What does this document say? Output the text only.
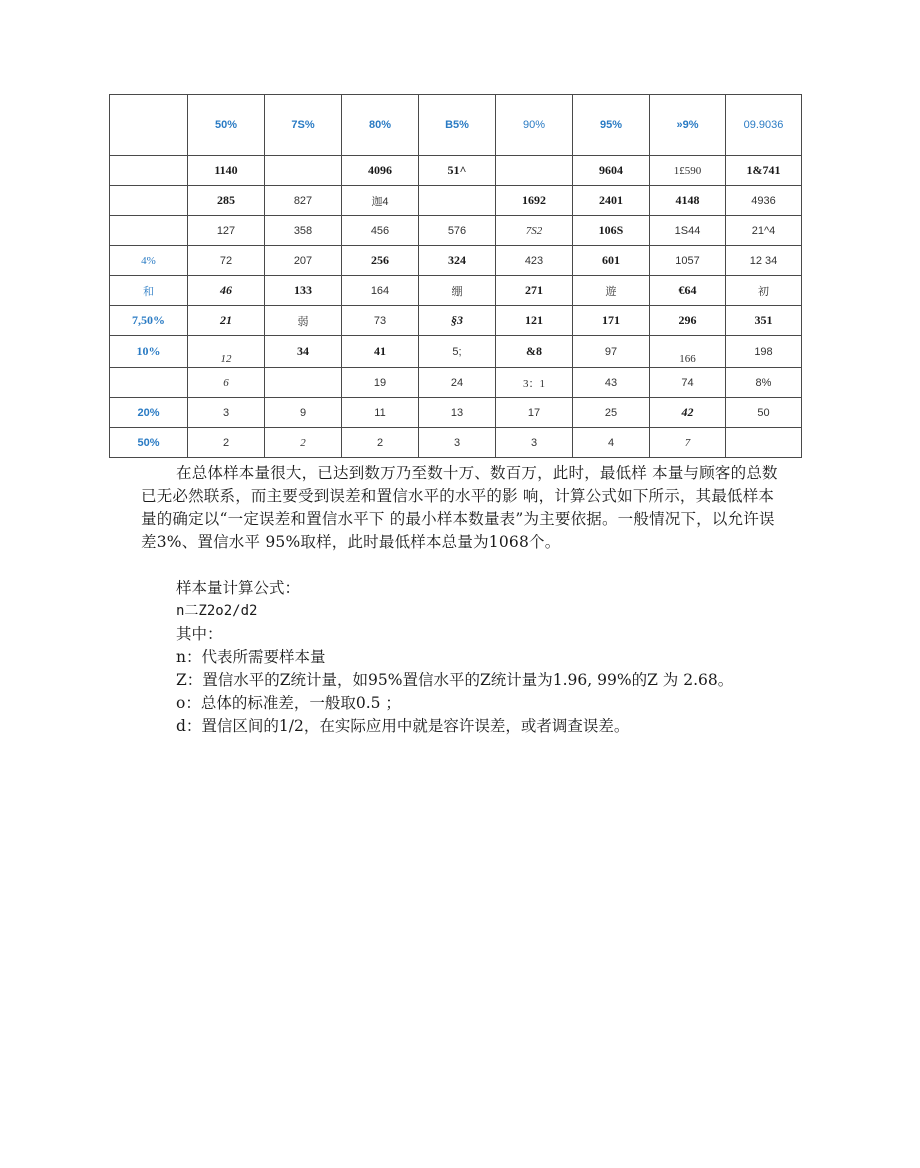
	50%	7S%	80%	B5%	90%	95%	»9%	09.9036
	1140		4096	51^		9604	1£590	1&741
	285	827	迦4		1692	2401	4148	4936
	127	358	456	576	7S2	106S	1S44	21^4
4%	72	207	256	324	423	601	1057	12 34
和	46	133	164	绷	271	遊	€64	初
7,50%	21	弱	73	§3	121	171	296	351
10%	12	34	41	5;	&8	97	166	198
	6		19	24	3：1	43	74	8%
20%	3	9	11	13	17	25	42	50
50%	2	2	2	3	3	4	7	
在总体样本量很大，已达到数万乃至数十万、数百万，此时，最低样 本量与顾客的总数已无必然联系，而主要受到误差和置信水平的水平的影 响，计算公式如下所示，其最低样本量的确定以“一定误差和置信水平下 的最小样本数量表”为主要依据。一般情况下，以允许误差3%、置信水平 95%取样，此时最低样本总量为1068个。
样本量计算公式：
n二Z2o2/d2
其中：
n：代表所需要样本量
Z：置信水平的Z统计量，如95%置信水平的Z统计量为1.96, 99%的Z 为 2.68。
o：总体的标准差，一般取0.5 ；
d：置信区间的1/2，在实际应用中就是容许误差，或者调查误差。
